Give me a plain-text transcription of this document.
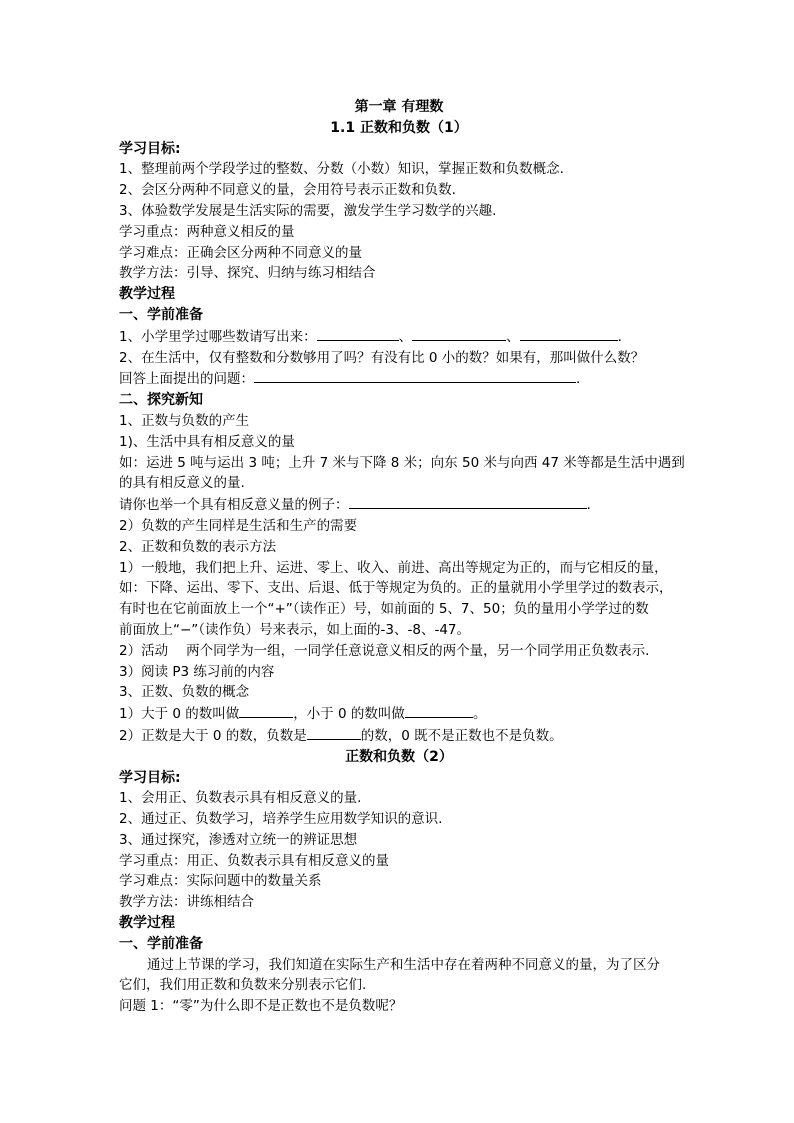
第一章 有理数
1.1 正数和负数（1）
学习目标:
1、整理前两个学段学过的整数、分数（小数）知识，掌握正数和负数概念.
2、会区分两种不同意义的量，会用符号表示正数和负数.
3、体验数学发展是生活实际的需要，激发学生学习数学的兴趣.
学习重点：两种意义相反的量
学习难点：正确会区分两种不同意义的量
教学方法：引导、探究、归纳与练习相结合
教学过程
一、学前准备
1、小学里学过哪些数请写出来：	、	、	.
2、在生活中，仅有整数和分数够用了吗？有没有比 0 小的数？如果有，那叫做什么数？
回答上面提出的问题：	.
二、探究新知
1、正数与负数的产生
1)、生活中具有相反意义的量
如：运进 5 吨与运出 3 吨；上升 7 米与下降 8 米；向东 50 米与向西 47 米等都是生活中遇到
的具有相反意义的量.
请你也举一个具有相反意义量的例子：	.
2）负数的产生同样是生活和生产的需要
2、正数和负数的表示方法
1）一般地，我们把上升、运进、零上、收入、前进、高出等规定为正的，而与它相反的量，
如：下降、运出、零下、支出、后退、低于等规定为负的。正的量就用小学里学过的数表示，
有时也在它前面放上一个“+”（读作正）号，如前面的 5、7、50；负的量用小学学过的数
前面放上“−”（读作负）号来表示，如上面的-3、-8、-47。
2）活动 两个同学为一组，一同学任意说意义相反的两个量，另一个同学用正负数表示.
3）阅读 P3 练习前的内容
3、正数、负数的概念
1）大于 0 的数叫做	，小于 0 的数叫做	。
2）正数是大于 0 的数，负数是	的数，0 既不是正数也不是负数。
正数和负数（2）
学习目标:
1、会用正、负数表示具有相反意义的量.
2、通过正、负数学习，培养学生应用数学知识的意识.
3、通过探究，渗透对立统一的辨证思想
学习重点：用正、负数表示具有相反意义的量
学习难点：实际问题中的数量关系
教学方法：讲练相结合
教学过程
一、学前准备
通过上节课的学习，我们知道在实际生产和生活中存在着两种不同意义的量，为了区分
它们，我们用正数和负数来分别表示它们.
问题 1：“零”为什么即不是正数也不是负数呢？
